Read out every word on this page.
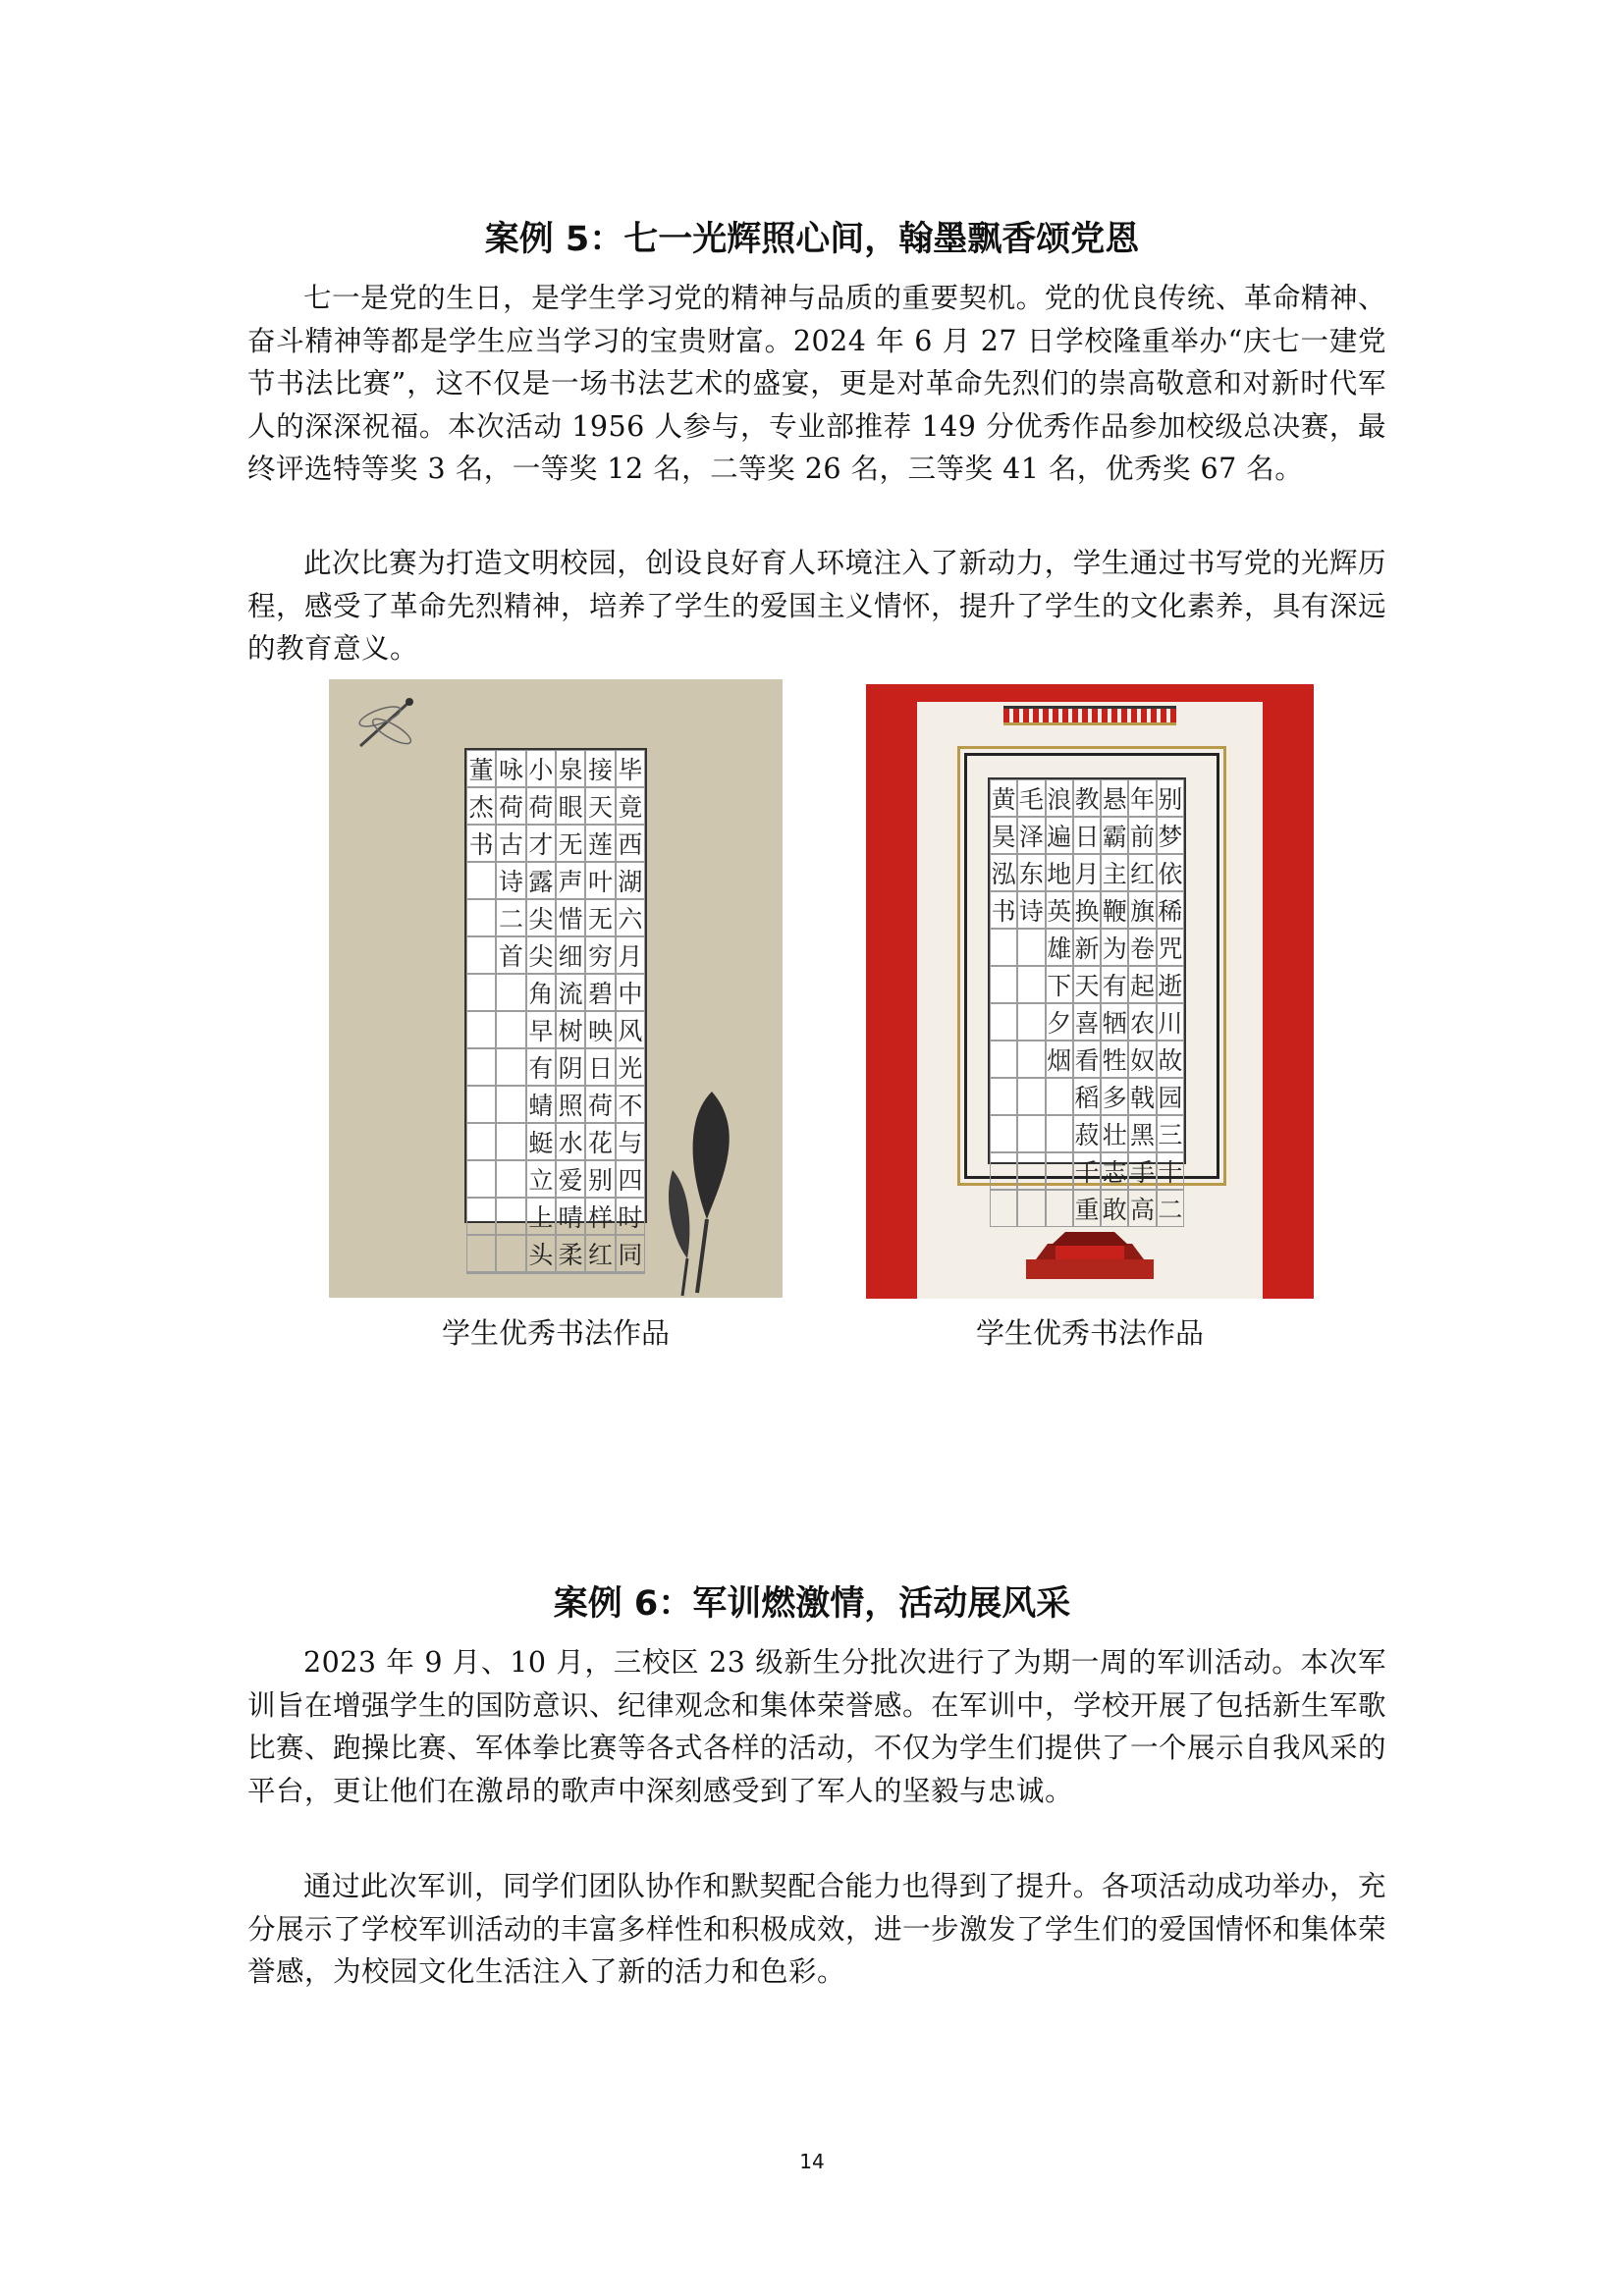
案例 5：七一光辉照心间，翰墨飘香颂党恩

七一是党的生日，是学生学习党的精神与品质的重要契机。党的优良传统、革命精神、奋斗精神等都是学生应当学习的宝贵财富。2024 年 6 月 27 日学校隆重举办“庆七一建党节书法比赛”，这不仅是一场书法艺术的盛宴，更是对革命先烈们的崇高敬意和对新时代军人的深深祝福。本次活动 1956 人参与，专业部推荐 149 分优秀作品参加校级总决赛，最终评选特等奖 3 名，一等奖 12 名，二等奖 26 名，三等奖 41 名，优秀奖 67 名。

此次比赛为打造文明校园，创设良好育人环境注入了新动力，学生通过书写党的光辉历程，感受了革命先烈精神，培养了学生的爱国主义情怀，提升了学生的文化素养，具有深远的教育意义。

董 咏 小 泉 接 毕
杰 荷 荷 眼 天 竟
书 古 才 无 莲 西
诗 露 声 叶 湖
二 尖 惜 无 六
首 尖 细 穷 月
角 流 碧 中
早 树 映 风
有 阴 日 光
蜻 照 荷 不
蜓 水 花 与
立 爱 别 四
上 晴 样 时
头 柔 红 同

学生优秀书法作品

黄 毛 浪 教 悬 年 别
昊 泽 遍 日 霸 前 梦
泓 东 地 月 主 红 依
书 诗 英 换 鞭 旗 稀
雄 新 为 卷 咒
下 天 有 起 逝
夕 喜 牺 农 川
烟 看 牲 奴 故
稻 多 戟 园
菽 壮 黑 三
千 志 手 十
重 敢 高 二

学生优秀书法作品

案例 6：军训燃激情，活动展风采

2023 年 9 月、10 月，三校区 23 级新生分批次进行了为期一周的军训活动。本次军训旨在增强学生的国防意识、纪律观念和集体荣誉感。在军训中，学校开展了包括新生军歌比赛、跑操比赛、军体拳比赛等各式各样的活动，不仅为学生们提供了一个展示自我风采的平台，更让他们在激昂的歌声中深刻感受到了军人的坚毅与忠诚。

通过此次军训，同学们团队协作和默契配合能力也得到了提升。各项活动成功举办，充分展示了学校军训活动的丰富多样性和积极成效，进一步激发了学生们的爱国情怀和集体荣誉感，为校园文化生活注入了新的活力和色彩。

14
